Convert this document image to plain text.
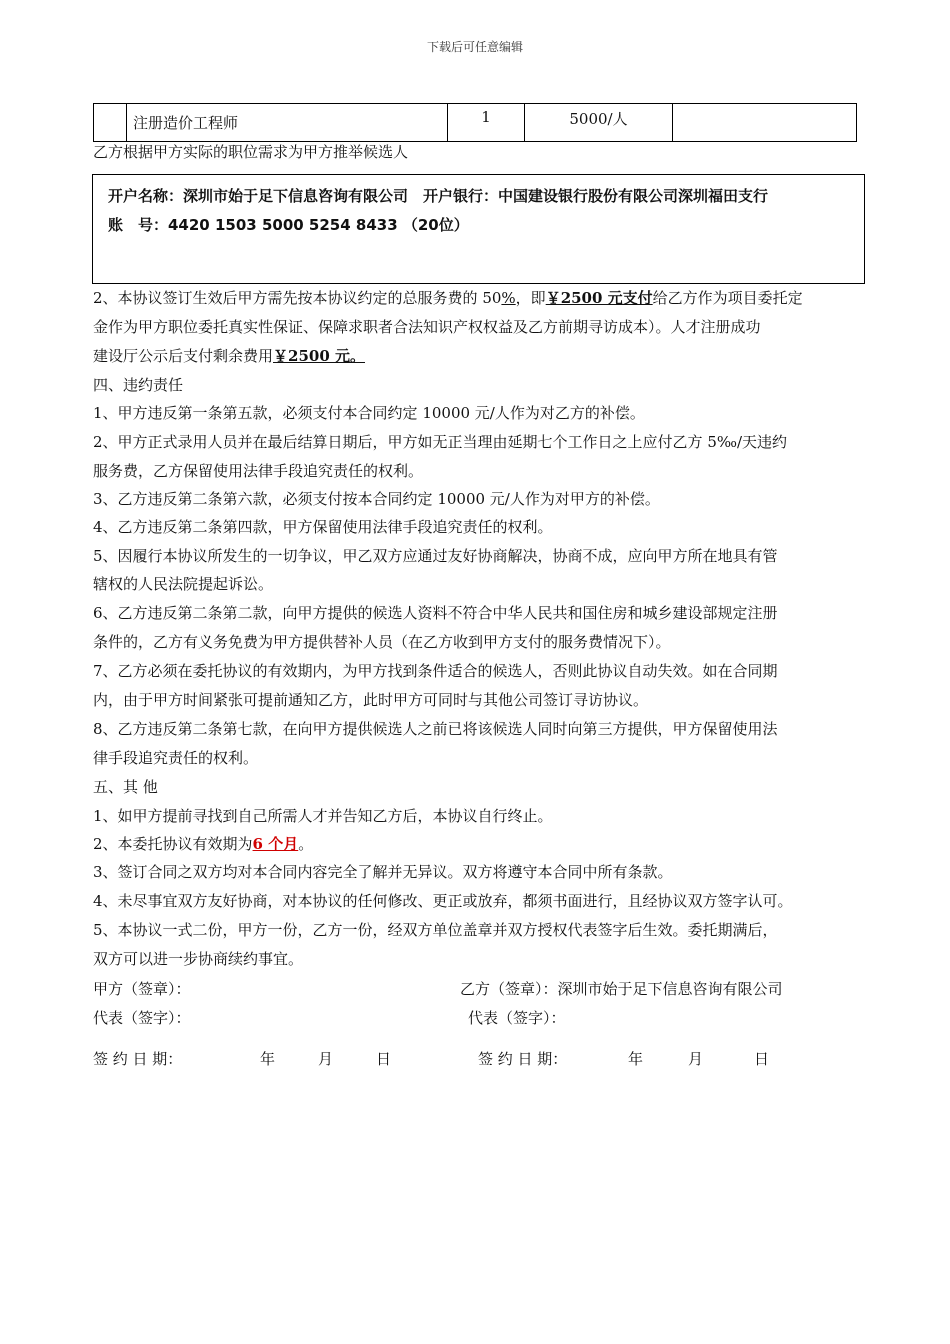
下载后可任意编辑
	注册造价工程师	1	5000/人	
乙方根据甲方实际的职位需求为甲方推举候选人
开户名称：深圳市始于足下信息咨询有限公司　开户银行：中国建设银行股份有限公司深圳福田支行
账　号：4420 1503 5000 5254 8433 （20位）
2、本协议签订生效后甲方需先按本协议约定的总服务费的 50%，即￥2500 元支付给乙方作为项目委托定
金作为甲方职位委托真实性保证、保障求职者合法知识产权权益及乙方前期寻访成本）。人才注册成功
建设厅公示后支付剩余费用￥2500 元。
四、违约责任
1、甲方违反第一条第五款，必须支付本合同约定 10000 元/人作为对乙方的补偿。
2、甲方正式录用人员并在最后结算日期后，甲方如无正当理由延期七个工作日之上应付乙方 5‰/天违约
服务费，乙方保留使用法律手段追究责任的权利。
3、乙方违反第二条第六款，必须支付按本合同约定 10000 元/人作为对甲方的补偿。
4、乙方违反第二条第四款，甲方保留使用法律手段追究责任的权利。
5、因履行本协议所发生的一切争议，甲乙双方应通过友好协商解决，协商不成，应向甲方所在地具有管
辖权的人民法院提起诉讼。
6、乙方违反第二条第二款，向甲方提供的候选人资料不符合中华人民共和国住房和城乡建设部规定注册
条件的，乙方有义务免费为甲方提供替补人员（在乙方收到甲方支付的服务费情况下）。
7、乙方必须在委托协议的有效期内，为甲方找到条件适合的候选人，否则此协议自动失效。如在合同期
内，由于甲方时间紧张可提前通知乙方，此时甲方可同时与其他公司签订寻访协议。
8、乙方违反第二条第七款，在向甲方提供候选人之前已将该候选人同时向第三方提供，甲方保留使用法
律手段追究责任的权利。
五、其 他
1、如甲方提前寻找到自己所需人才并告知乙方后，本协议自行终止。
2、本委托协议有效期为6 个月。
3、签订合同之双方均对本合同内容完全了解并无异议。双方将遵守本合同中所有条款。
4、未尽事宜双方友好协商，对本协议的任何修改、更正或放弃，都须书面进行，且经协议双方签字认可。
5、本协议一式二份，甲方一份，乙方一份，经双方单位盖章并双方授权代表签字后生效。委托期满后，
双方可以进一步协商续约事宜。
甲方（签章）：	乙方（签章）：深圳市始于足下信息咨询有限公司
代表（签字）：	代表（签字）：
签 约 日 期：	年	月	日	签 约 日 期：	年	月	日
